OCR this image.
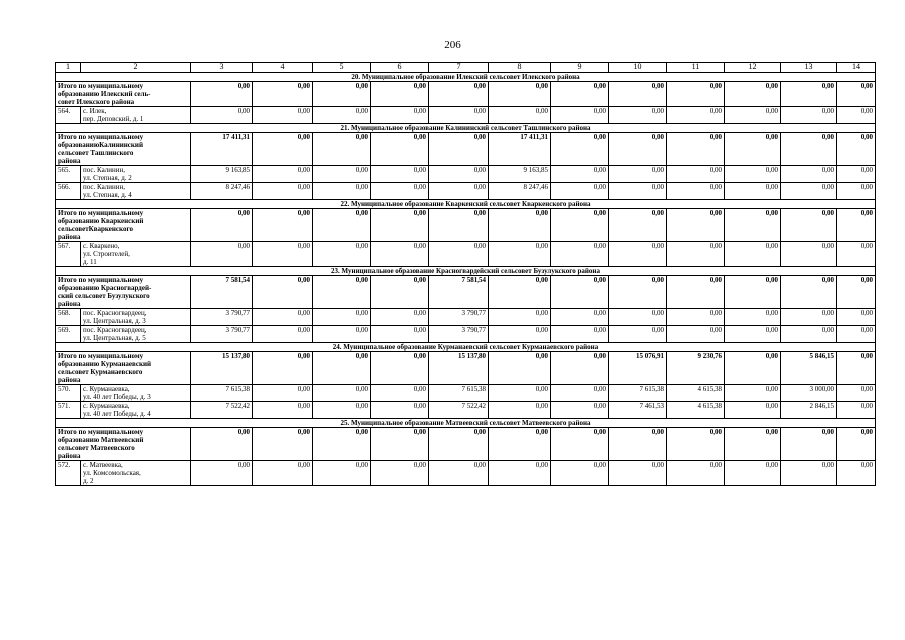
206
1	2	3	4	5	6	7	8	9	10	11	12	13	14
20. Муниципальное образование Илекский сельсовет Илекского района													

Итого по муниципальному
образованию Илекский сель-
совет Илекского района		0,00	0,00	0,00	0,00	0,00	0,00	0,00	0,00	0,00	0,00	0,00	0,00
564.	с. Илек,
пер. Деповский, д. 1	0,00	0,00	0,00	0,00	0,00	0,00	0,00	0,00	0,00	0,00	0,00	0,00
21. Муниципальное образование Калининский сельсовет Ташлинского района													

Итого по муниципальному
образованиюКалининский
сельсовет Ташлинского
района		17 411,31	0,00	0,00	0,00	0,00	17 411,31	0,00	0,00	0,00	0,00	0,00	0,00
565.	пос. Калинин,
ул. Степная, д. 2	9 163,85	0,00	0,00	0,00	0,00	9 163,85	0,00	0,00	0,00	0,00	0,00	0,00
566.	пос. Калинин,
ул. Степная, д. 4	8 247,46	0,00	0,00	0,00	0,00	8 247,46	0,00	0,00	0,00	0,00	0,00	0,00
22. Муниципальное образование Кваркенский сельсовет Кваркенского района													

Итого по муниципальному
образованию Кваркенский
сельсоветКваркенского
района		0,00	0,00	0,00	0,00	0,00	0,00	0,00	0,00	0,00	0,00	0,00	0,00
567.	с. Кваркено,
ул. Строителей,
д. 11	0,00	0,00	0,00	0,00	0,00	0,00	0,00	0,00	0,00	0,00	0,00	0,00
23. Муниципальное образование Красногвардейский сельсовет Бузулукского района													

Итого по муниципальному
образованию Красногвардей-
ский сельсовет Бузулукского
района		7 581,54	0,00	0,00	0,00	7 581,54	0,00	0,00	0,00	0,00	0,00	0,00	0,00
568.	пос. Красногвардеец,
ул. Центральная, д. 3	3 790,77	0,00	0,00	0,00	3 790,77	0,00	0,00	0,00	0,00	0,00	0,00	0,00
569.	пос. Красногвардеец,
ул. Центральная, д. 5	3 790,77	0,00	0,00	0,00	3 790,77	0,00	0,00	0,00	0,00	0,00	0,00	0,00
24. Муниципальное образование Курманаевский сельсовет Курманаевского района													

Итого по муниципальному
образованию Курманаевский
сельсовет Курманаевского
района		15 137,80	0,00	0,00	0,00	15 137,80	0,00	0,00	15 076,91	9 230,76	0,00	5 846,15	0,00
570.	с. Курманаевка,
ул. 40 лет Победы, д. 3	7 615,38	0,00	0,00	0,00	7 615,38	0,00	0,00	7 615,38	4 615,38	0,00	3 000,00	0,00
571.	с. Курманаевка,
ул. 40 лет Победы, д. 4	7 522,42	0,00	0,00	0,00	7 522,42	0,00	0,00	7 461,53	4 615,38	0,00	2 846,15	0,00
25. Муниципальное образование Матвеевский сельсовет Матвеевского района													

Итого по муниципальному
образованию Матвеевский
сельсовет Матвеевского
района		0,00	0,00	0,00	0,00	0,00	0,00	0,00	0,00	0,00	0,00	0,00	0,00
572.	с. Матвеевка,
ул. Комсомольская,
д. 2	0,00	0,00	0,00	0,00	0,00	0,00	0,00	0,00	0,00	0,00	0,00	0,00
